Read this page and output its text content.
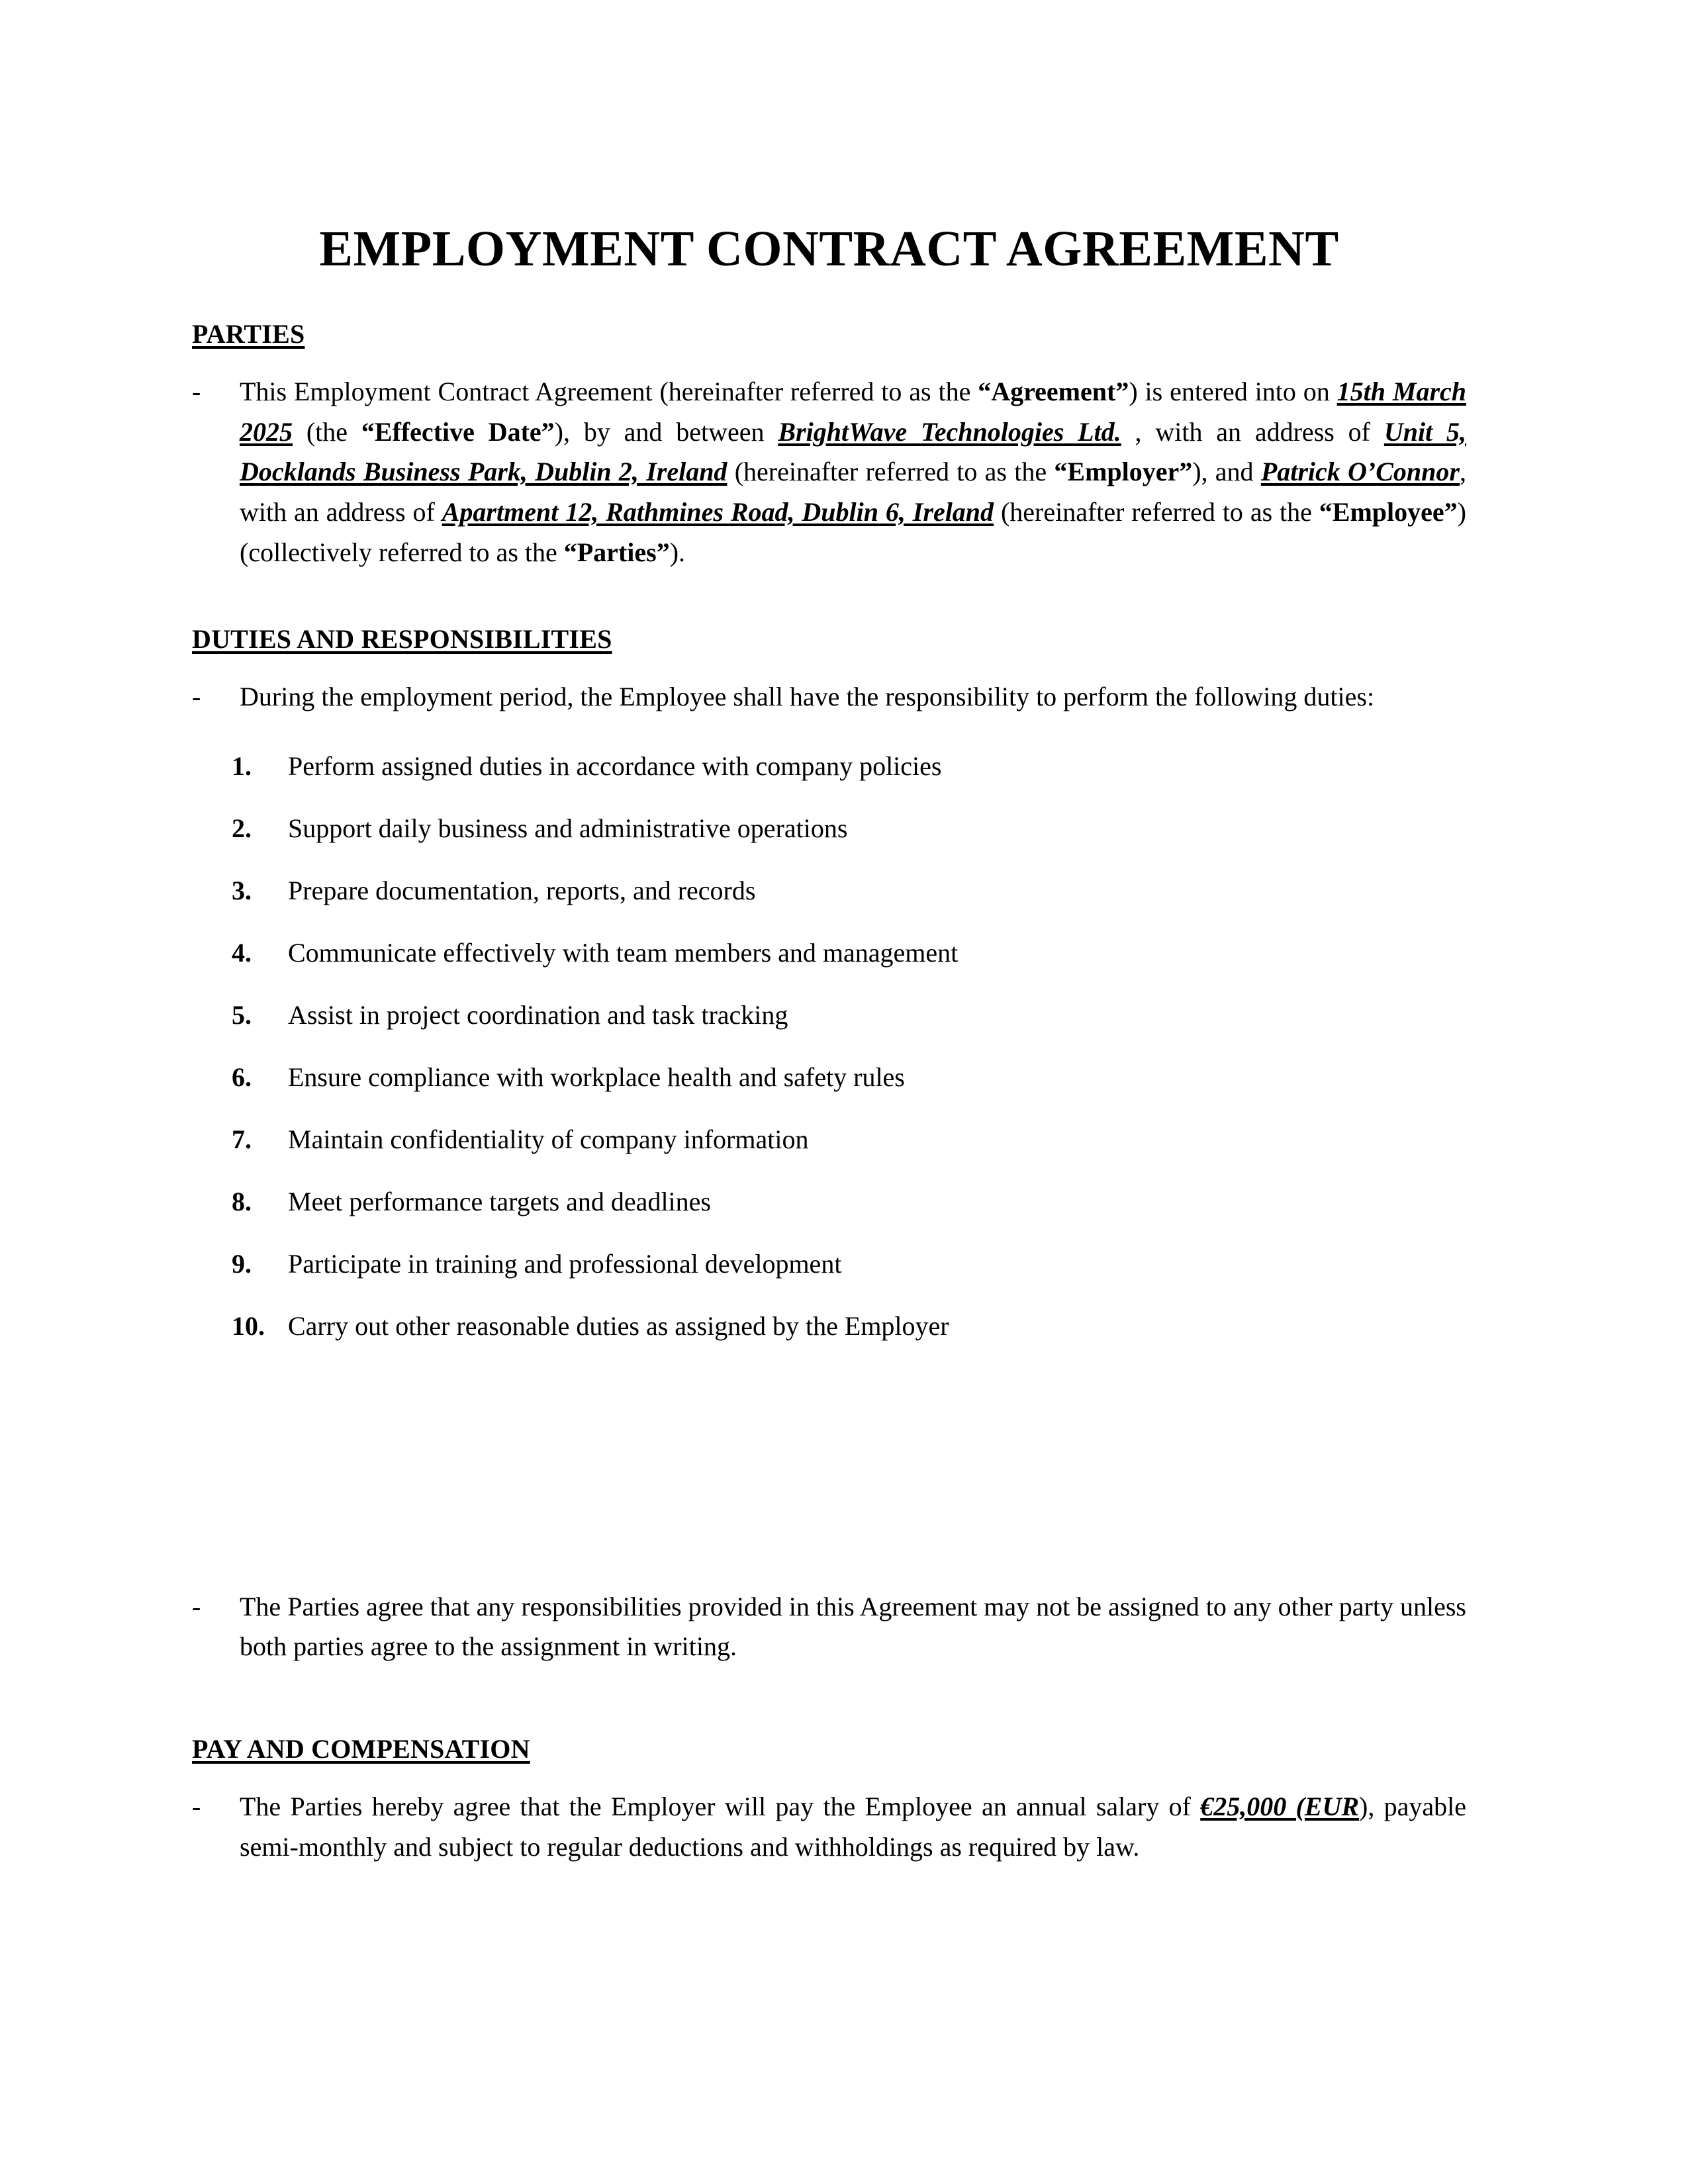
EMPLOYMENT CONTRACT AGREEMENT
PARTIES

- This Employment Contract Agreement (hereinafter referred to as the “Agreement”) is entered into on 15th March 2025 (the “Effective Date”), by and between BrightWave Technologies Ltd. , with an address of Unit 5, Docklands Business Park, Dublin 2, Ireland (hereinafter referred to as the “Employer”), and Patrick O’Connor, with an address of Apartment 12, Rathmines Road, Dublin 6, Ireland (hereinafter referred to as the “Employee”) (collectively referred to as the “Parties”).

DUTIES AND RESPONSIBILITIES

- During the employment period, the Employee shall have the responsibility to perform the following duties:

1. Perform assigned duties in accordance with company policies
2. Support daily business and administrative operations
3. Prepare documentation, reports, and records
4. Communicate effectively with team members and management
5. Assist in project coordination and task tracking
6. Ensure compliance with workplace health and safety rules
7. Maintain confidentiality of company information
8. Meet performance targets and deadlines
9. Participate in training and professional development
10. Carry out other reasonable duties as assigned by the Employer

- The Parties agree that any responsibilities provided in this Agreement may not be assigned to any other party unless both parties agree to the assignment in writing.

PAY AND COMPENSATION

- The Parties hereby agree that the Employer will pay the Employee an annual salary of €25,000 (EUR), payable semi-monthly and subject to regular deductions and withholdings as required by law.
